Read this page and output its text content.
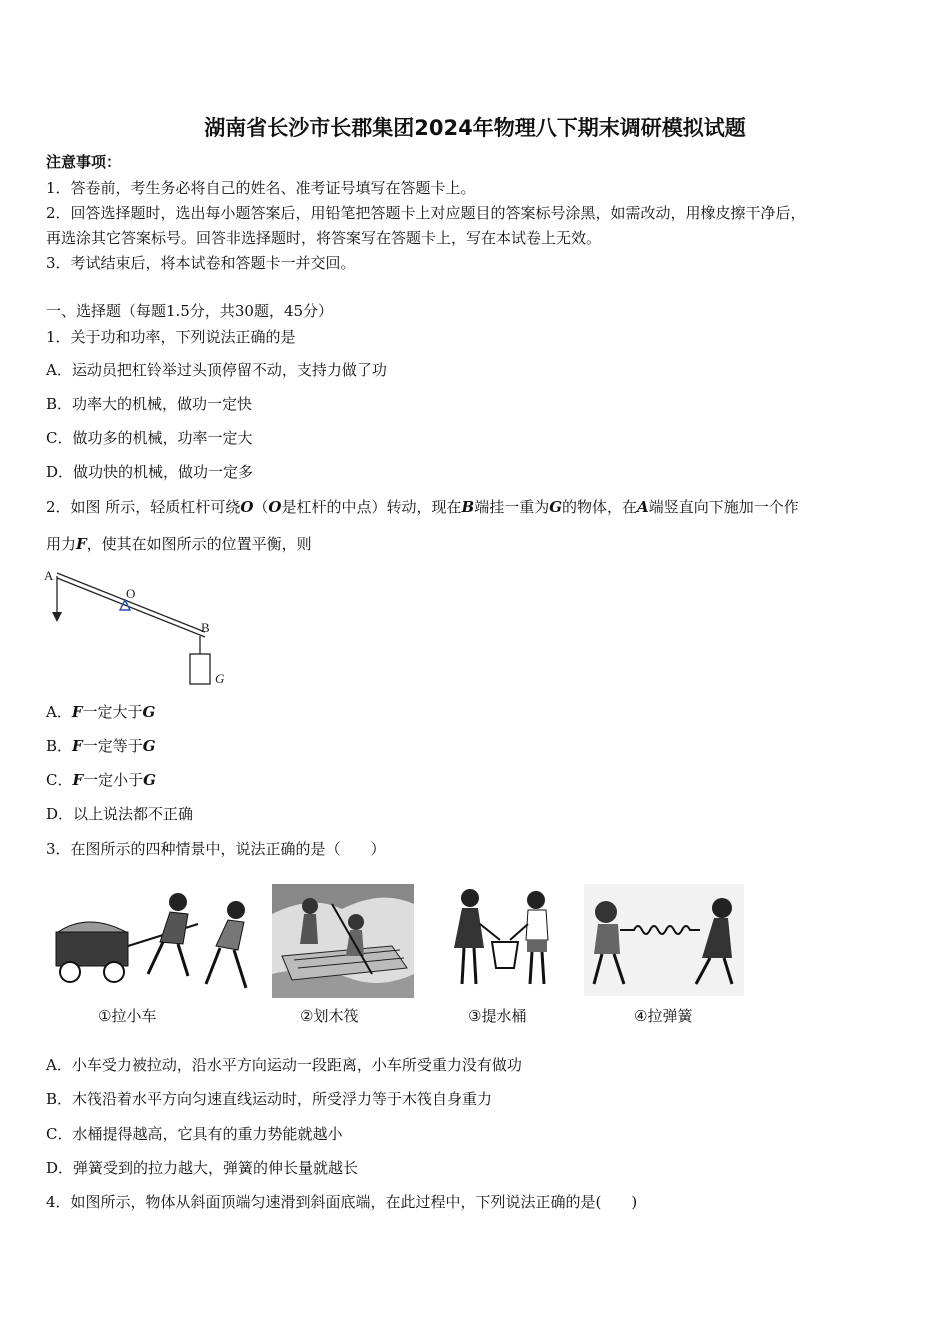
湖南省长沙市长郡集团2024年物理八下期末调研模拟试题
注意事项：
1．答卷前，考生务必将自己的姓名、准考证号填写在答题卡上。
2．回答选择题时，选出每小题答案后，用铅笔把答题卡上对应题目的答案标号涂黑，如需改动，用橡皮擦干净后，
再选涂其它答案标号。回答非选择题时，将答案写在答题卡上，写在本试卷上无效。
3．考试结束后，将本试卷和答题卡一并交回。
一、选择题（每题1.5分，共30题，45分）
1．关于功和功率，下列说法正确的是
A．运动员把杠铃举过头顶停留不动，支持力做了功
B．功率大的机械，做功一定快
C．做功多的机械，功率一定大
D．做功快的机械，做功一定多
2．如图 所示，轻质杠杆可绕O（O是杠杆的中点）转动，现在B端挂一重为G的物体，在A端竖直向下施加一个作
用力F，使其在如图所示的位置平衡，则
A
O
B
G
A．F一定大于G
B．F一定等于G
C．F一定小于G
D．以上说法都不正确
3．在图所示的四种情景中，说法正确的是（　　）
①拉小车	②划木筏	③提水桶	④拉弹簧
A．小车受力被拉动，沿水平方向运动一段距离，小车所受重力没有做功
B．木筏沿着水平方向匀速直线运动时，所受浮力等于木筏自身重力
C．水桶提得越高，它具有的重力势能就越小
D．弹簧受到的拉力越大，弹簧的伸长量就越长
4．如图所示，物体从斜面顶端匀速滑到斜面底端，在此过程中，下列说法正确的是(　　)
